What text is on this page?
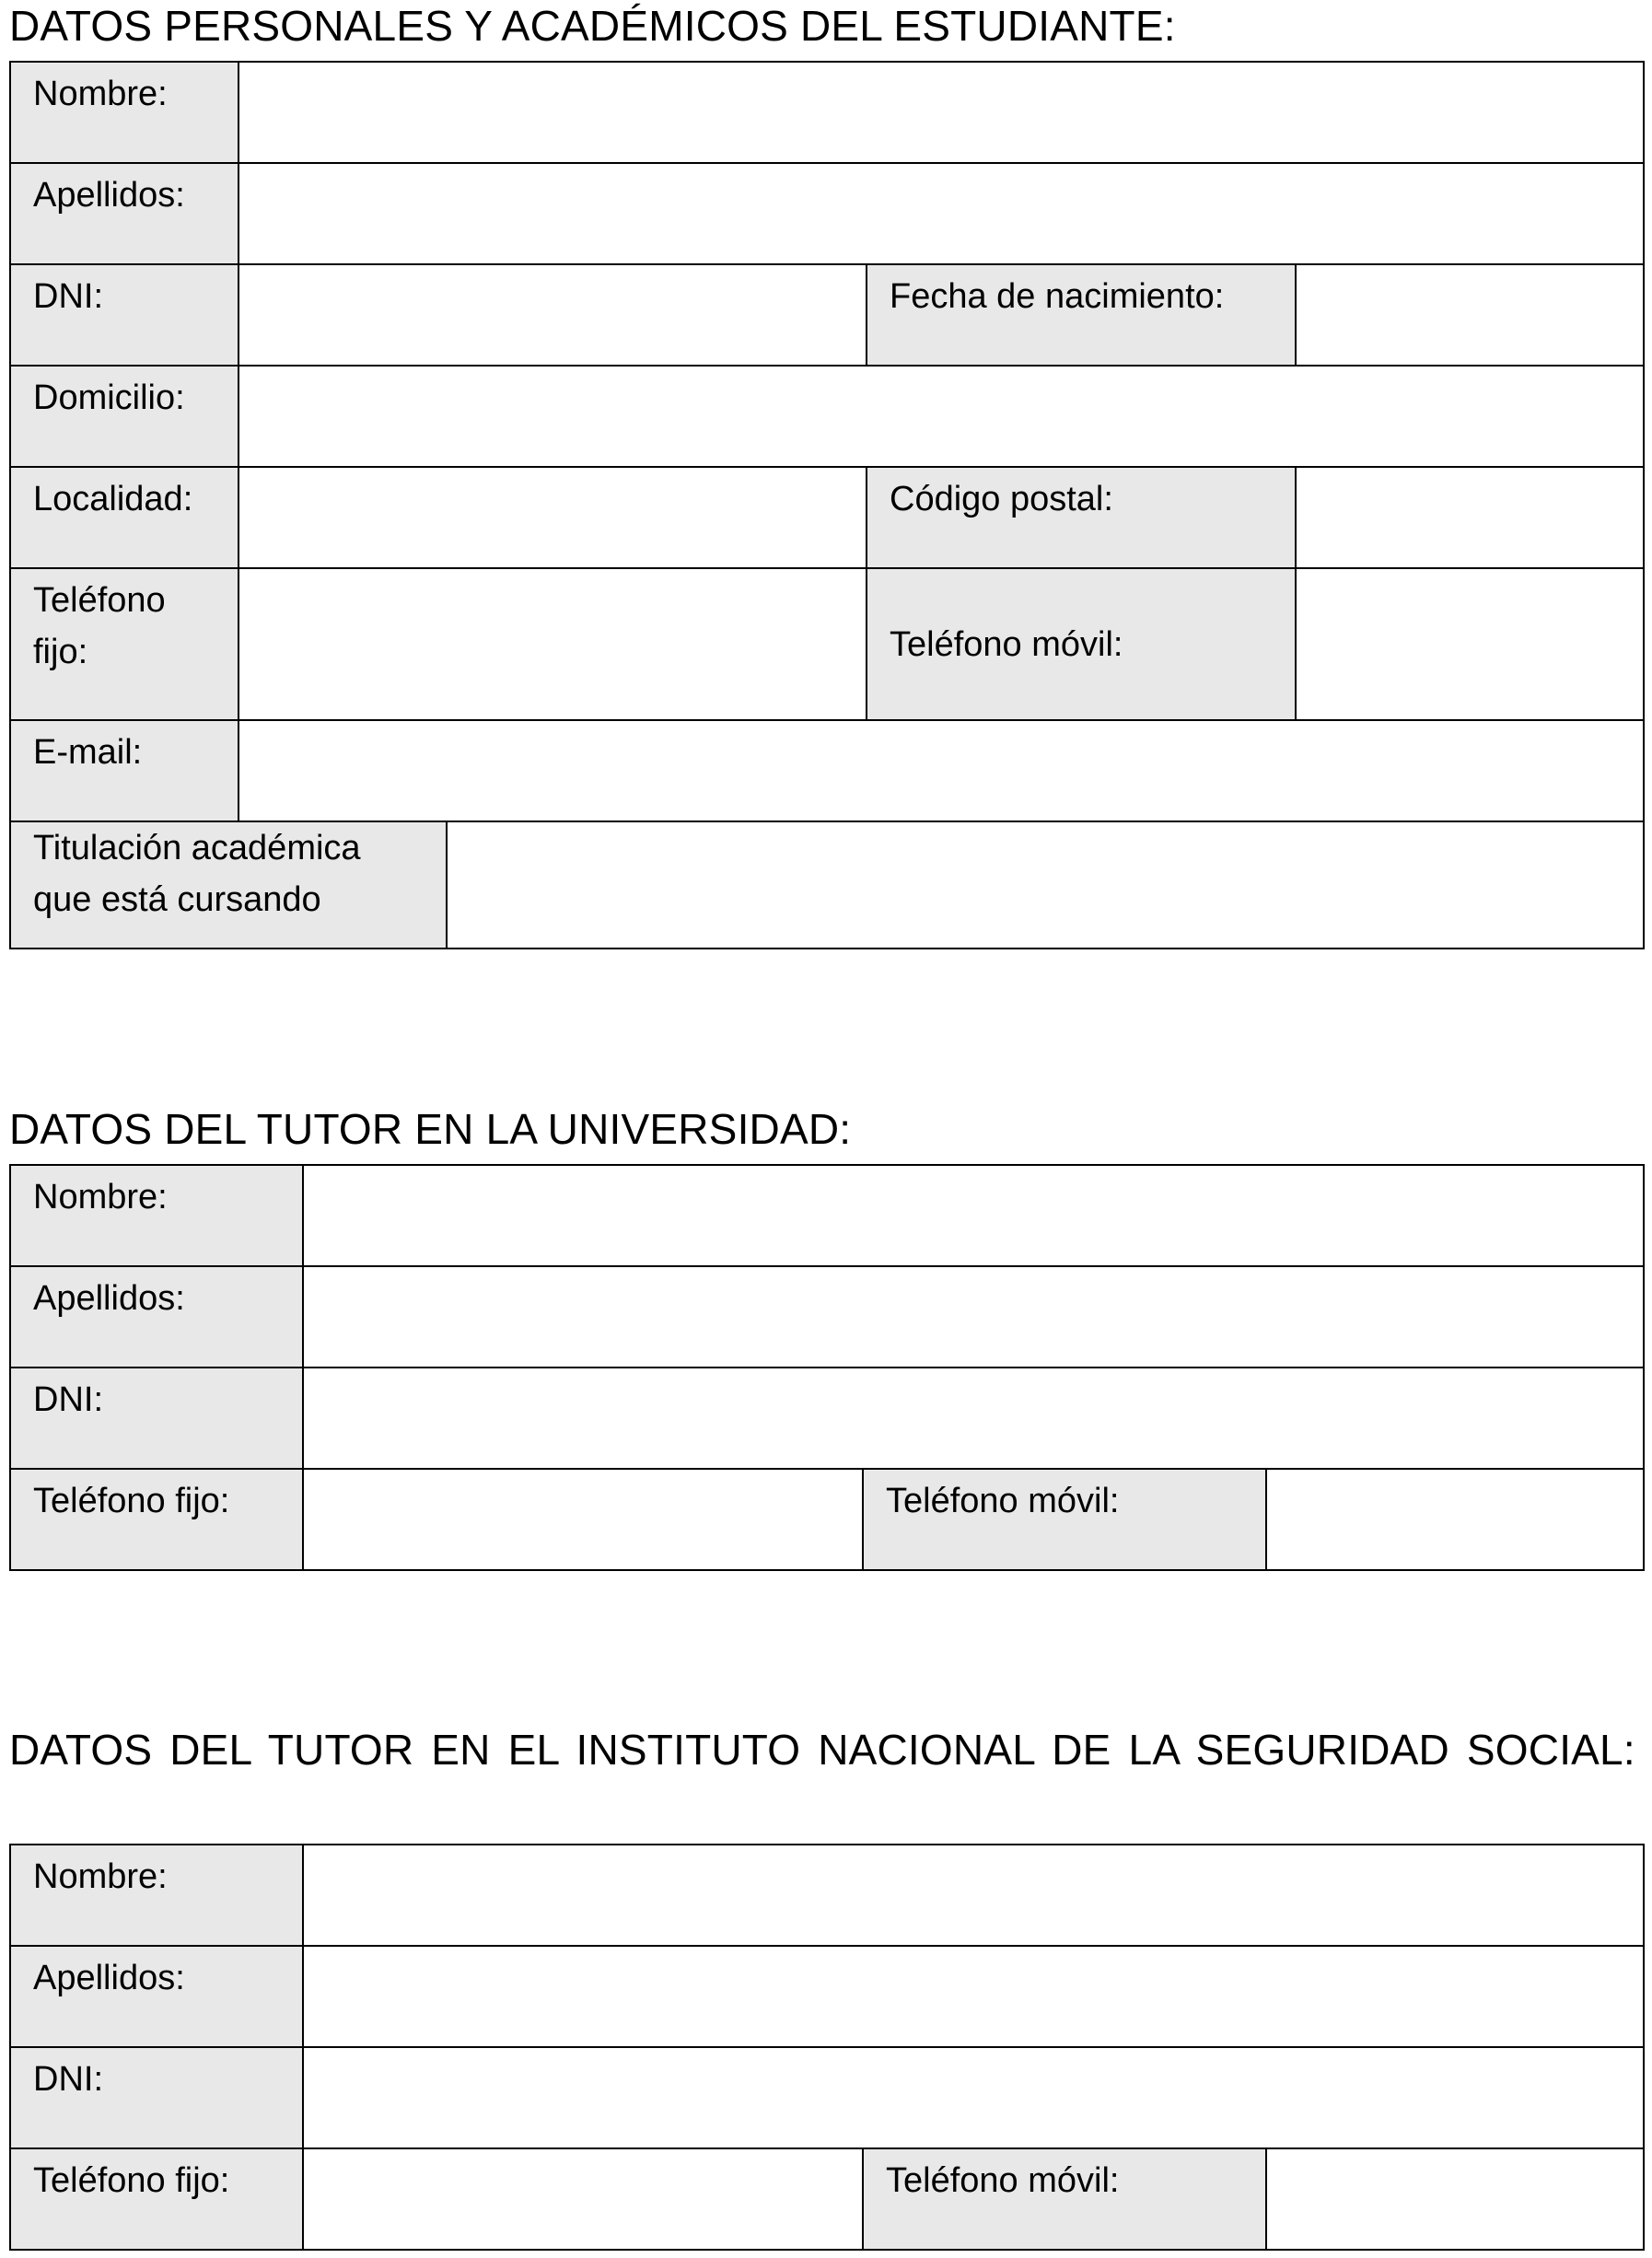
DATOS PERSONALES Y ACADÉMICOS DEL ESTUDIANTE:
Nombre:				
Apellidos:				
DNI:			Fecha de nacimiento:	
Domicilio:				
Localidad:			Código postal:	

Teléfono
fijo:			Teléfono móvil:	
E-mail:				

Titulación académica
que está cursando				

DATOS DEL TUTOR EN LA UNIVERSIDAD:
Nombre:			
Apellidos:			
DNI:			
Teléfono fijo:		Teléfono móvil:	
DATOS DEL TUTOR EN EL INSTITUTO NACIONAL DE LA SEGURIDAD SOCIAL:
Nombre:			
Apellidos:			
DNI:			
Teléfono fijo:		Teléfono móvil:	
